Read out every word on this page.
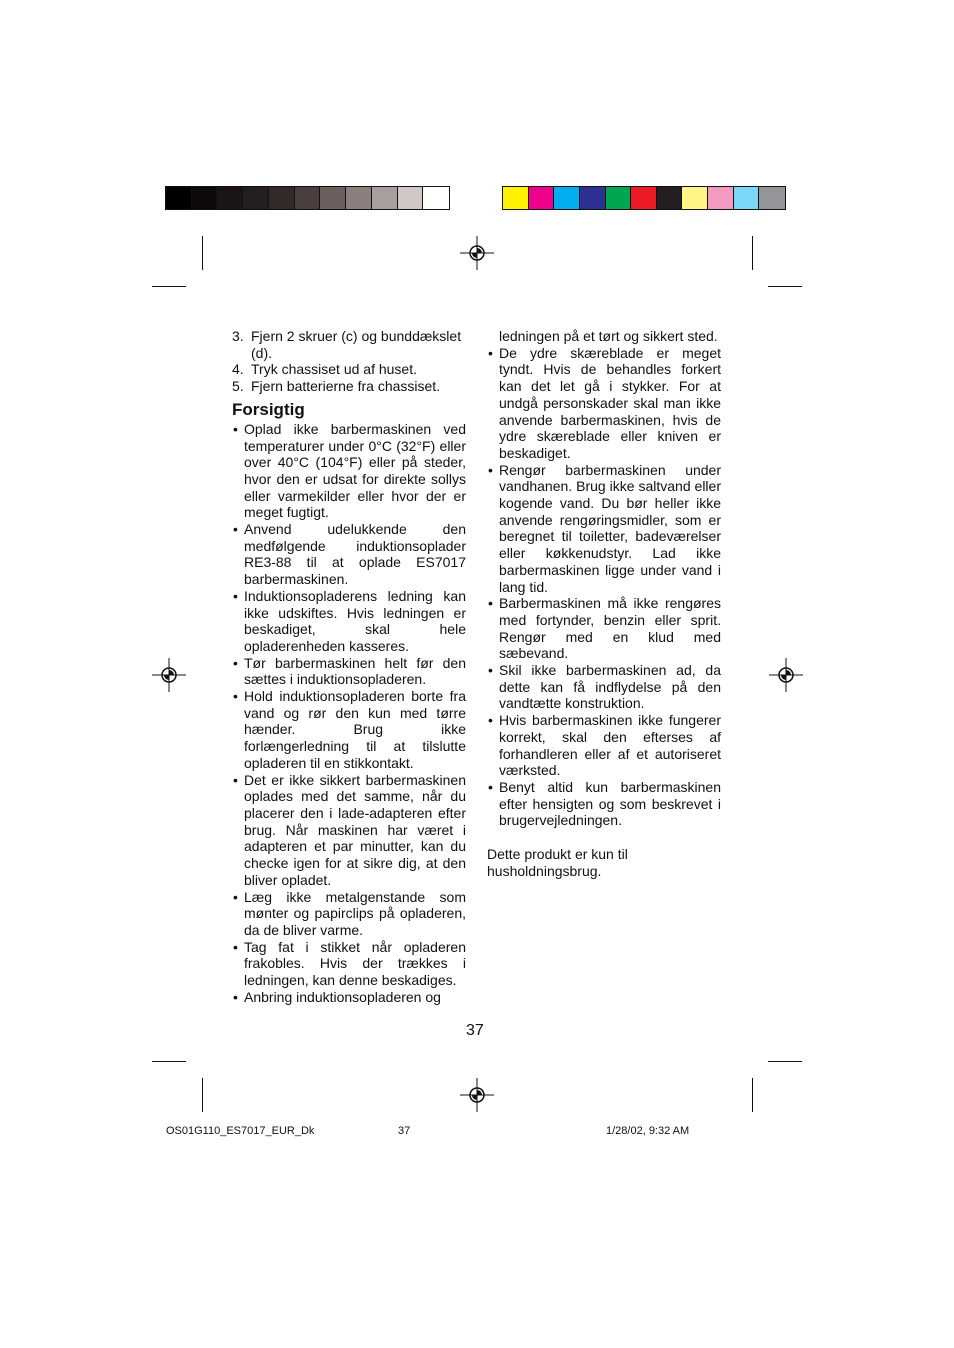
3. Fjern 2 skruer (c) og bunddækslet (d).
4. Tryk chassiset ud af huset.
5. Fjern batterierne fra chassiset.
Forsigtig
• Oplad ikke barbermaskinen ved temperaturer under 0°C (32°F) eller over 40°C (104°F) eller på steder, hvor den er udsat for direkte sollys eller varmekilder eller hvor der er meget fugtigt.
• Anvend udelukkende den medfølgende induktionsoplader RE3-88 til at oplade ES7017 barbermaskinen.
• Induktionsopladerens ledning kan ikke udskiftes. Hvis ledningen er beskadiget, skal hele opladerenheden kasseres.
• Tør barbermaskinen helt før den sættes i induktionsopladeren.
• Hold induktionsopladeren borte fra vand og rør den kun med tørre hænder. Brug ikke forlængerledning til at tilslutte opladeren til en stikkontakt.
• Det er ikke sikkert barbermaskinen oplades med det samme, når du placerer den i lade-adapteren efter brug. Når maskinen har været i adapteren et par minutter, kan du checke igen for at sikre dig, at den bliver opladet.
• Læg ikke metalgenstande som mønter og papirclips på opladeren, da de bliver varme.
• Tag fat i stikket når opladeren frakobles. Hvis der trækkes i ledningen, kan denne beskadiges.
• Anbring induktionsopladeren og
ledningen på et tørt og sikkert sted.
• De ydre skæreblade er meget tyndt. Hvis de behandles forkert kan det let gå i stykker. For at undgå personskader skal man ikke anvende barbermaskinen, hvis de ydre skæreblade eller kniven er beskadiget.
• Rengør barbermaskinen under vandhanen. Brug ikke saltvand eller kogende vand. Du bør heller ikke anvende rengøringsmidler, som er beregnet til toiletter, badeværelser eller køkkenudstyr. Lad ikke barbermaskinen ligge under vand i lang tid.
• Barbermaskinen må ikke rengøres med fortynder, benzin eller sprit. Rengør med en klud med sæbevand.
• Skil ikke barbermaskinen ad, da dette kan få indflydelse på den vandtætte konstruktion.
• Hvis barbermaskinen ikke fungerer korrekt, skal den efterses af forhandleren eller af et autoriseret værksted.
• Benyt altid kun barbermaskinen efter hensigten og som beskrevet i brugervejledningen.
Dette produkt er kun til husholdningsbrug.
37
OS01G110_ES7017_EUR_Dk	37	1/28/02, 9:32 AM
